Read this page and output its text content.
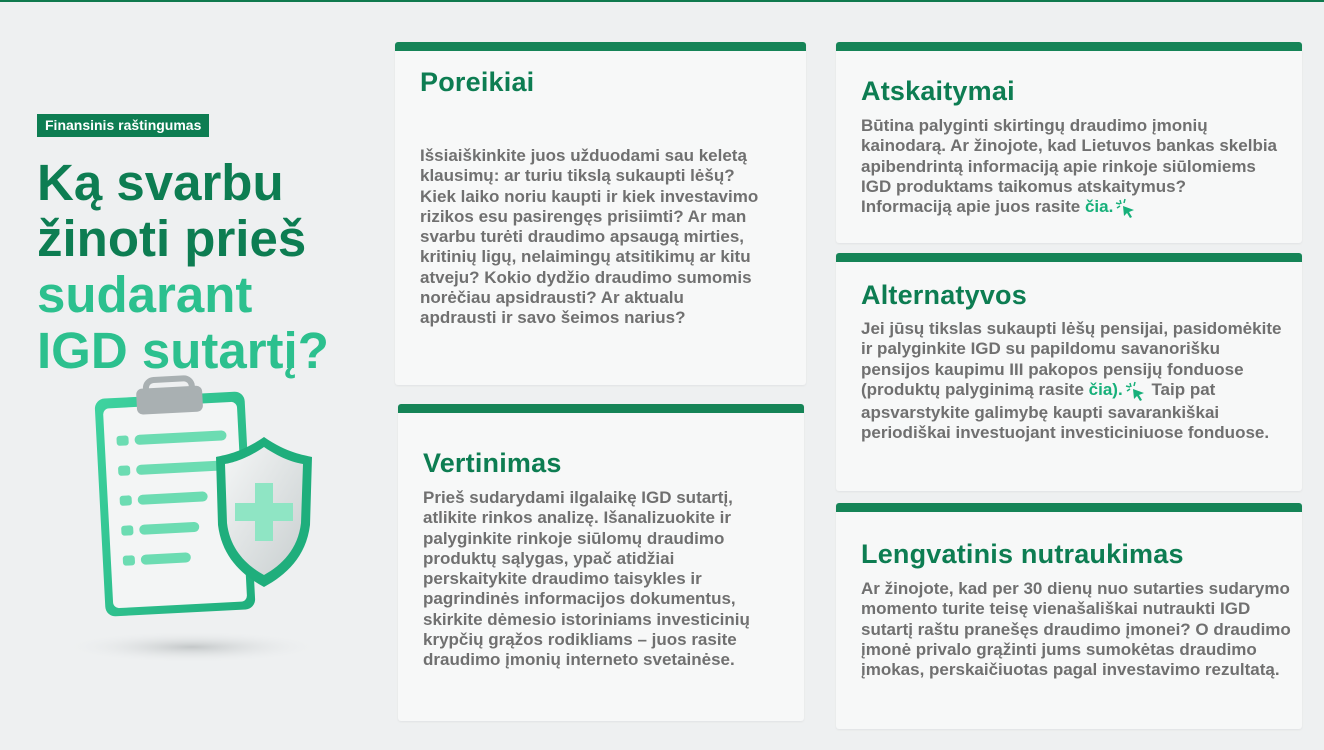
Finansinis raštingumas
Ką svarbu
žinoti prieš
sudarant
IGD sutartį?
Poreikiai

Išsiaiškinkite juos užduodami sau keletą klausimų: ar turiu tikslą sukaupti lėšų? Kiek laiko noriu kaupti ir kiek investavimo rizikos esu pasirengęs prisiimti? Ar man svarbu turėti draudimo apsaugą mirties, kritinių ligų, nelaimingų atsitikimų ar kitu atveju? Kokio dydžio draudimo sumomis norėčiau apsidrausti? Ar aktualu apdrausti ir savo šeimos narius?

Vertinimas

Prieš sudarydami ilgalaikę IGD sutartį, atlikite rinkos analizę. Išanalizuokite ir palyginkite rinkoje siūlomų draudimo produktų sąlygas, ypač atidžiai perskaitykite draudimo taisykles ir pagrindinės informacijos dokumentus, skirkite dėmesio istoriniams investicinių krypčių grąžos rodikliams – juos rasite draudimo įmonių interneto svetainėse.

Atskaitymai

Būtina palyginti skirtingų draudimo įmonių kainodarą. Ar žinojote, kad Lietuvos bankas skelbia apibendrintą informaciją apie rinkoje siūlomiems IGD produktams taikomus atskaitymus? Informaciją apie juos rasite čia.

Alternatyvos

Jei jūsų tikslas sukaupti lėšų pensijai, pasidomėkite ir palyginkite IGD su papildomu savanorišku pensijos kaupimu III pakopos pensijų fonduose (produktų palyginimą rasite čia). Taip pat apsvarstykite galimybę kaupti savarankiškai periodiškai investuojant investiciniuose fonduose.

Lengvatinis nutraukimas

Ar žinojote, kad per 30 dienų nuo sutarties sudarymo momento turite teisę vienašališkai nutraukti IGD sutartį raštu pranešęs draudimo įmonei? O draudimo įmonė privalo grąžinti jums sumokėtas draudimo įmokas, perskaičiuotas pagal investavimo rezultatą.
